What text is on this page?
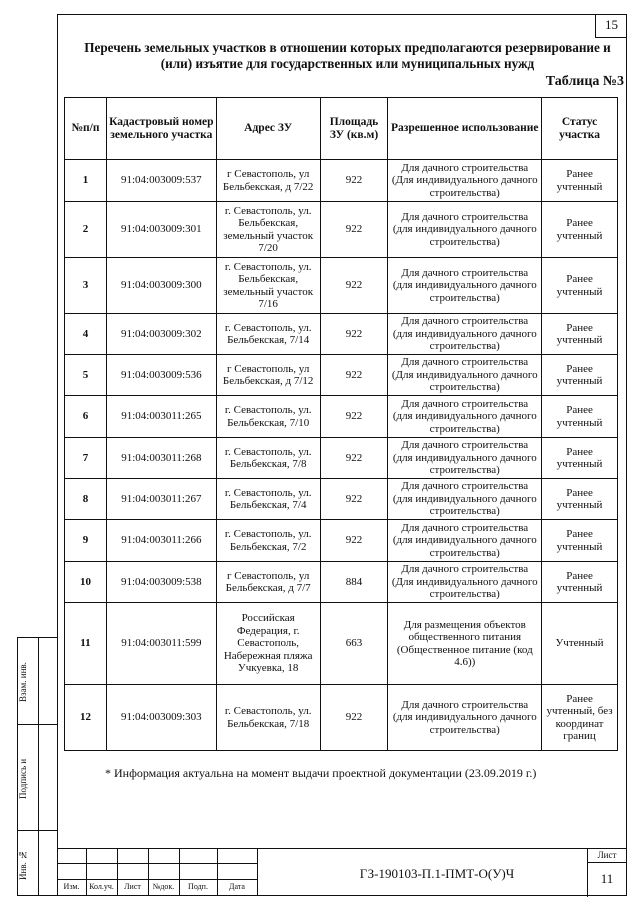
15
Перечень земельных участков в отношении которых предполагаются резервирование и (или) изъятие для государственных или муниципальных нужд
Таблица №3
№п/п	Кадастровый номер земельного участка	Адрес ЗУ	Площадь ЗУ (кв.м)	Разрешенное использование	Статус участка
1	91:04:003009:537	г Севастополь, ул Бельбекская, д 7/22	922	Для дачного строительства (Для индивидуального дачного строительства)	Ранее учтенный
2	91:04:003009:301	г. Севастополь, ул. Бельбекская, земельный участок 7/20	922	Для дачного строительства (для индивидуального дачного строительства)	Ранее учтенный
3	91:04:003009:300	г. Севастополь, ул. Бельбекская, земельный участок 7/16	922	Для дачного строительства (для индивидуального дачного строительства)	Ранее учтенный
4	91:04:003009:302	г. Севастополь, ул. Бельбекская, 7/14	922	Для дачного строительства (для индивидуального дачного строительства)	Ранее учтенный
5	91:04:003009:536	г Севастополь, ул Бельбекская, д 7/12	922	Для дачного строительства (Для индивидуального дачного строительства)	Ранее учтенный
6	91:04:003011:265	г. Севастополь, ул. Бельбекская, 7/10	922	Для дачного строительства (для индивидуального дачного строительства)	Ранее учтенный
7	91:04:003011:268	г. Севастополь, ул. Бельбекская, 7/8	922	Для дачного строительства (для индивидуального дачного строительства)	Ранее учтенный
8	91:04:003011:267	г. Севастополь, ул. Бельбекская, 7/4	922	Для дачного строительства (для индивидуального дачного строительства)	Ранее учтенный
9	91:04:003011:266	г. Севастополь, ул. Бельбекская, 7/2	922	Для дачного строительства (для индивидуального дачного строительства)	Ранее учтенный
10	91:04:003009:538	г Севастополь, ул Бельбекская, д 7/7	884	Для дачного строительства (Для индивидуального дачного строительства)	Ранее учтенный
11	91:04:003011:599	Российская Федерация, г. Севастополь, Набережная пляжа Учкуевка, 18	663	Для размещения объектов общественного питания (Общественное питание (код 4.6))	Учтенный
12	91:04:003009:303	г. Севастополь, ул. Бельбекская, 7/18	922	Для дачного строительства (для индивидуального дачного строительства)	Ранее учтенный, без координат границ
* Информация актуальна на момент выдачи проектной документации (23.09.2019 г.)
Взам. инв.
Подпись и
Инв. №
Изм.	Кол.уч.	Лист	№док.	Подп.	Дата
ГЗ-190103-П.1-ПМТ-О(У)Ч
Лист
11
